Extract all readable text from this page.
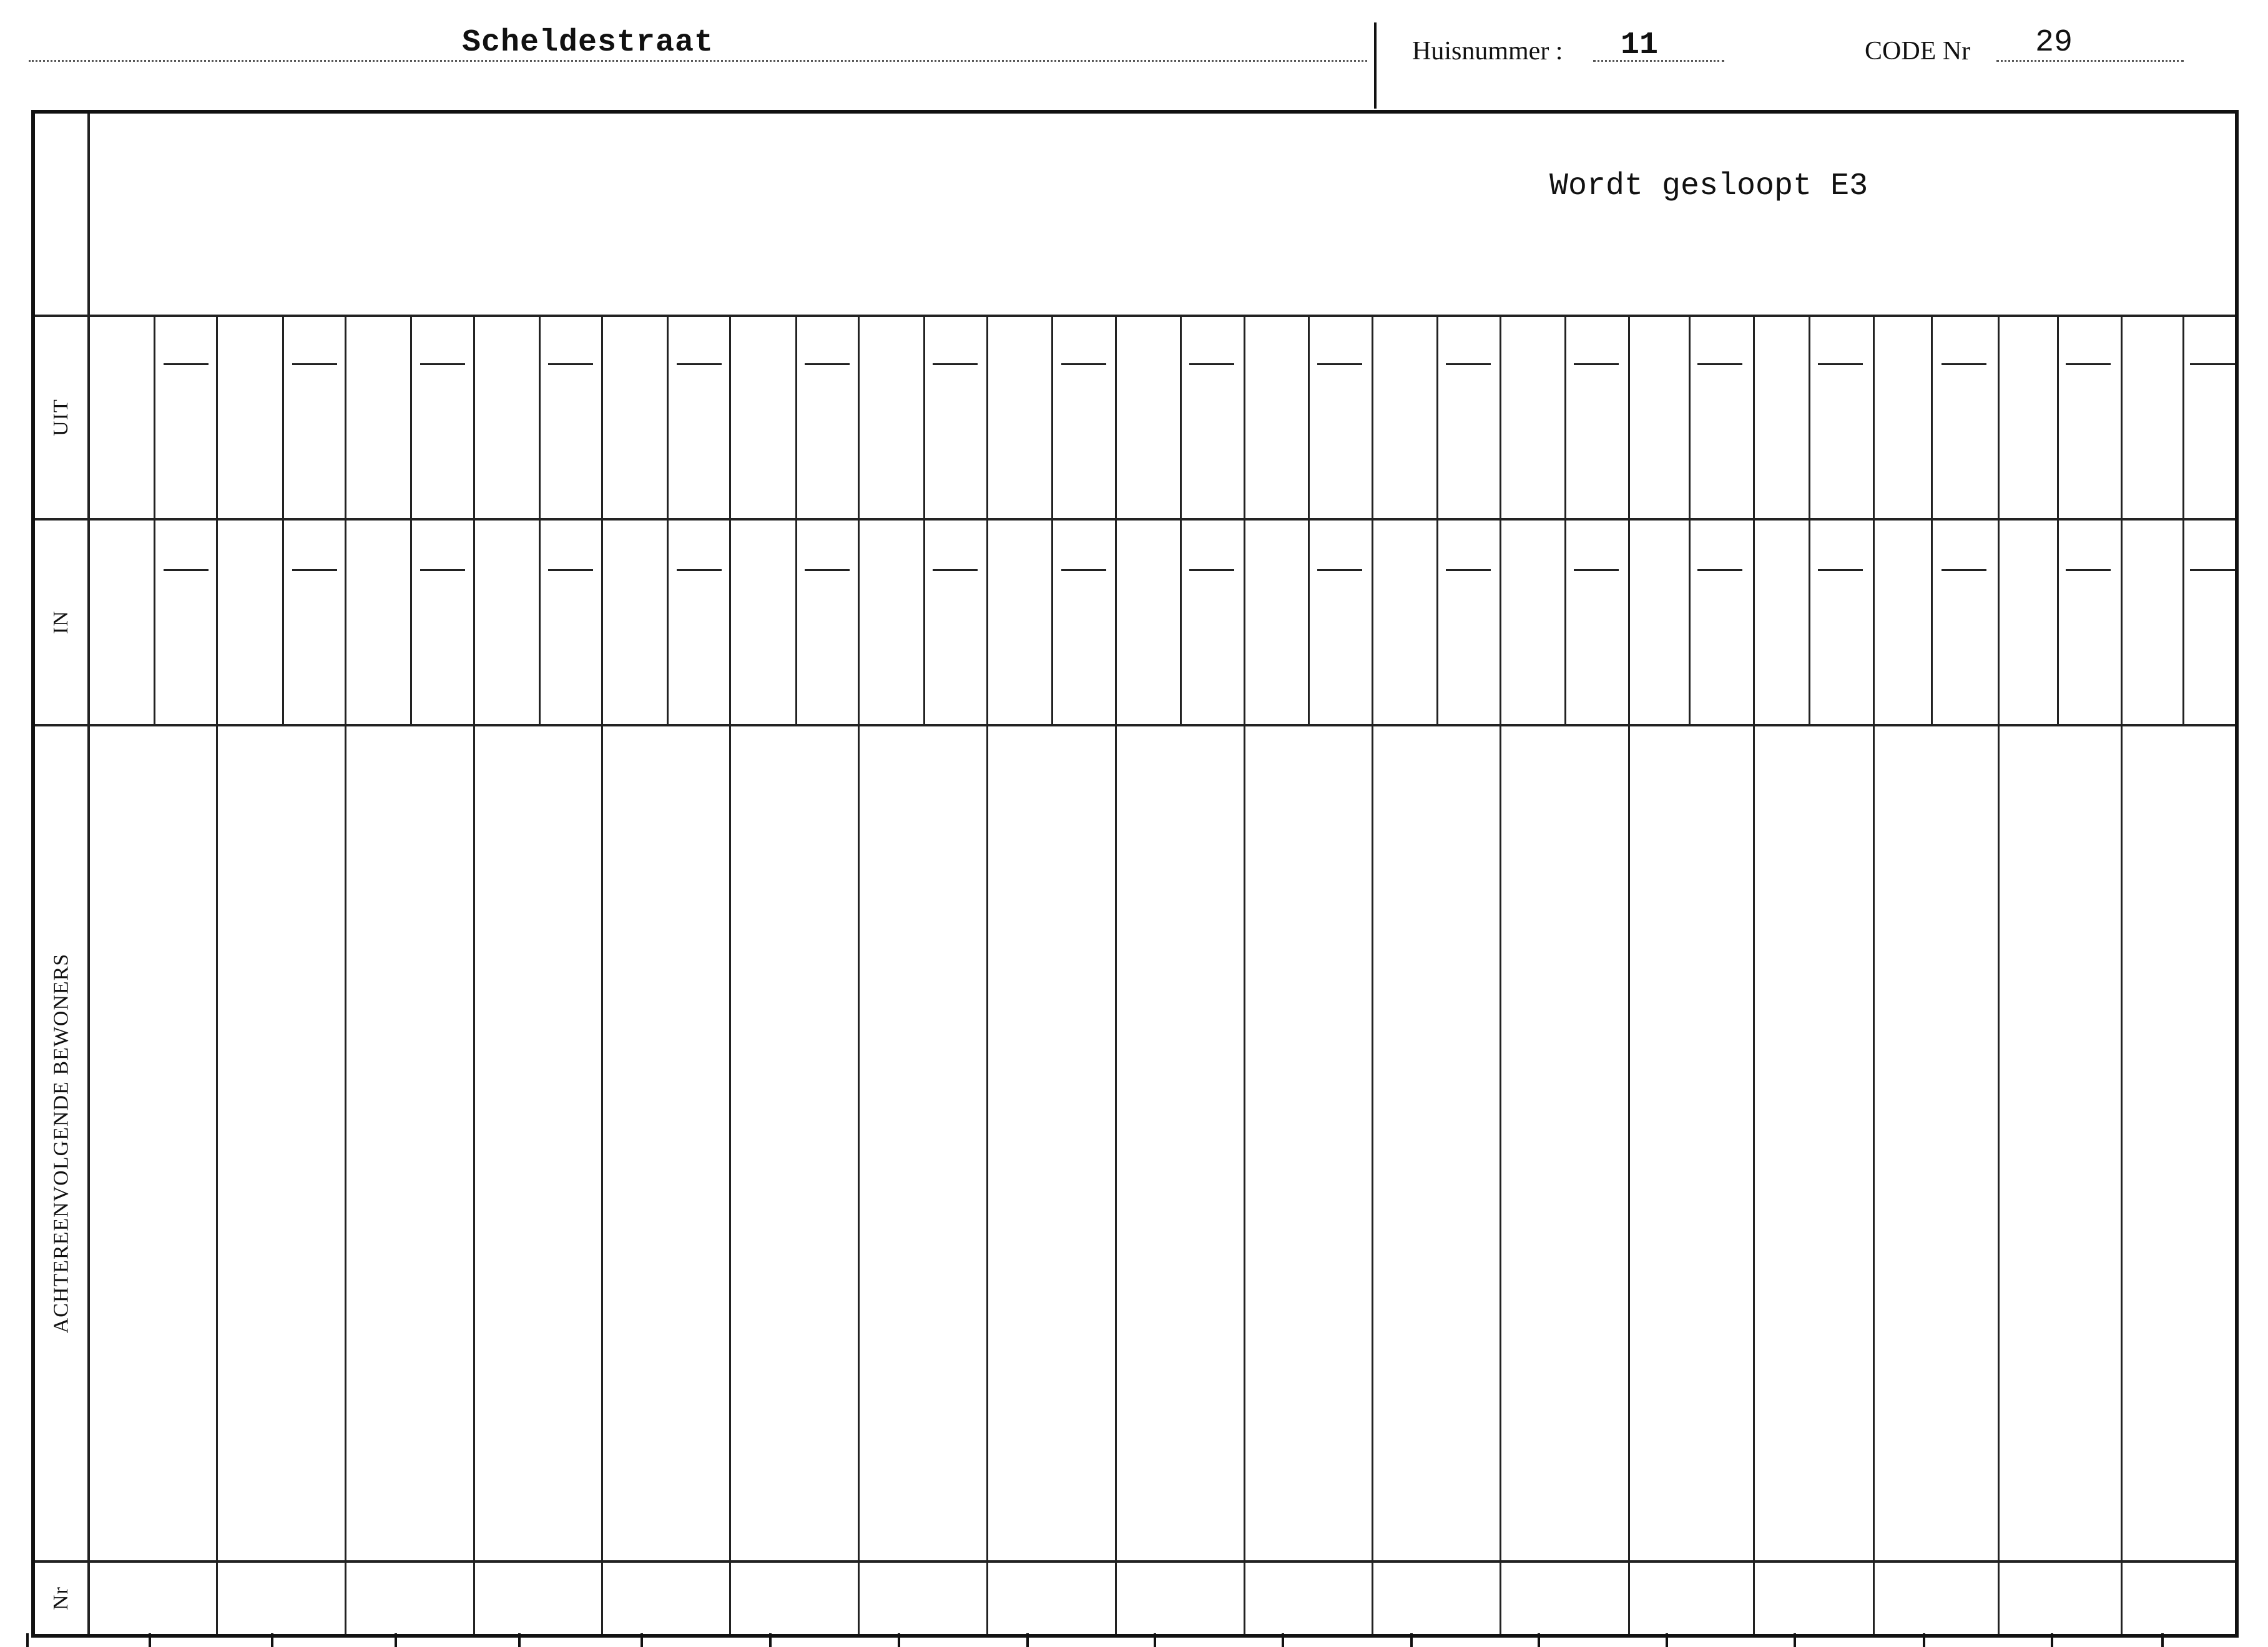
Scheldestraat	Huisnummer : 11	CODE Nr 29
Wordt gesloopt E3
UIT
IN
ACHTEREENVOLGENDE BEWONERS
Nr
